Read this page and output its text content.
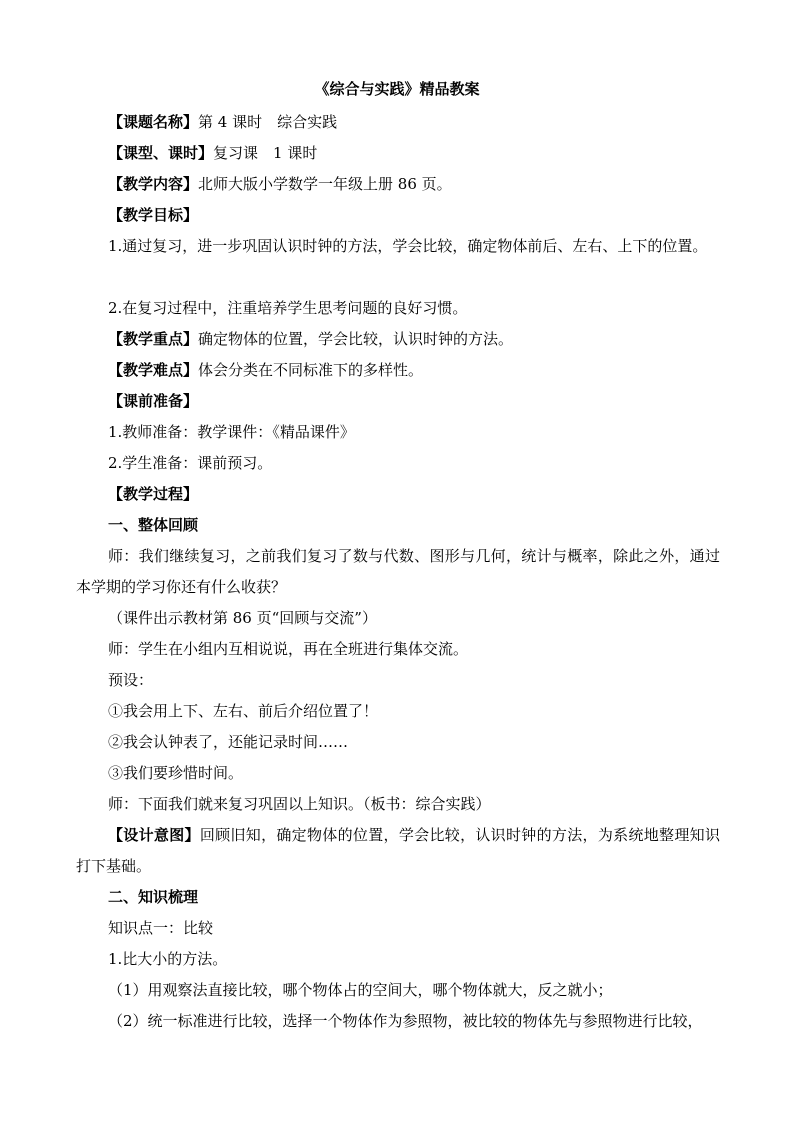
《综合与实践》精品教案
【课题名称】第 4 课时　综合实践
【课型、课时】复习课　1 课时
【教学内容】北师大版小学数学一年级上册 86 页。
【教学目标】
1.通过复习，进一步巩固认识时钟的方法，学会比较，确定物体前后、左右、上下的位置。
2.在复习过程中，注重培养学生思考问题的良好习惯。
【教学重点】确定物体的位置，学会比较，认识时钟的方法。
【教学难点】体会分类在不同标准下的多样性。
【课前准备】
1.教师准备：教学课件：《精品课件》
2.学生准备：课前预习。
【教学过程】
一、整体回顾
师：我们继续复习，之前我们复习了数与代数、图形与几何，统计与概率，除此之外，通过本学期的学习你还有什么收获？
（课件出示教材第 86 页“回顾与交流”）
师：学生在小组内互相说说，再在全班进行集体交流。
预设：
①我会用上下、左右、前后介绍位置了！
②我会认钟表了，还能记录时间……
③我们要珍惜时间。
师：下面我们就来复习巩固以上知识。（板书：综合实践）
【设计意图】回顾旧知，确定物体的位置，学会比较，认识时钟的方法，为系统地整理知识打下基础。
二、知识梳理
知识点一：比较
1.比大小的方法。
（1）用观察法直接比较，哪个物体占的空间大，哪个物体就大，反之就小；
（2）统一标准进行比较，选择一个物体作为参照物，被比较的物体先与参照物进行比较，
